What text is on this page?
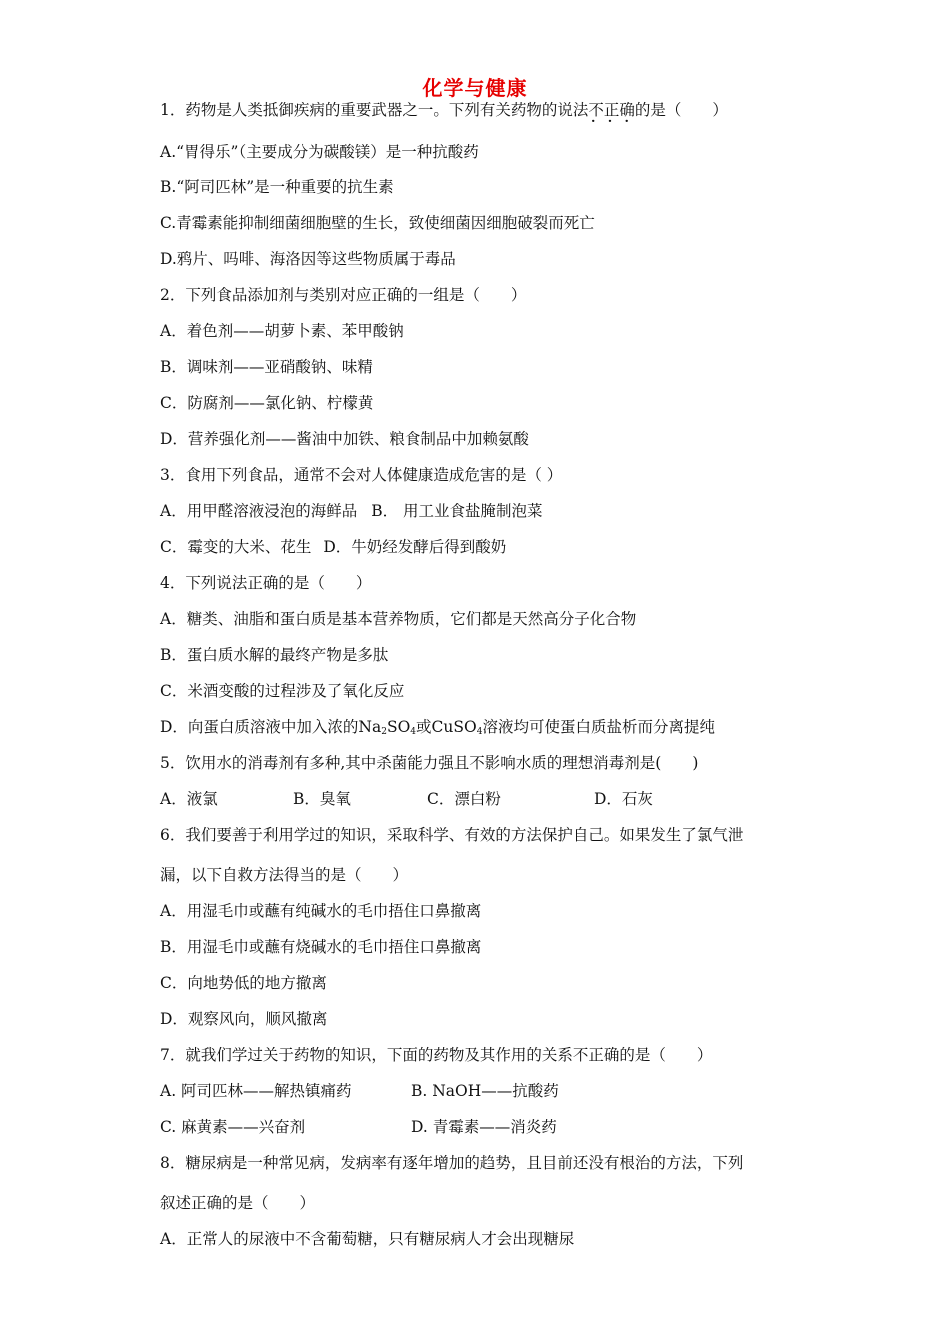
化学与健康
1．药物是人类抵御疾病的重要武器之一。下列有关药物的说法不正确 · · ·的是（　　）
A.“胃得乐”（主要成分为碳酸镁）是一种抗酸药
B.“阿司匹林”是一种重要的抗生素
C.青霉素能抑制细菌细胞壁的生长，致使细菌因细胞破裂而死亡
D.鸦片、吗啡、海洛因等这些物质属于毒品
2．下列食品添加剂与类别对应正确的一组是（　　）
A．着色剂——胡萝卜素、苯甲酸钠
B．调味剂——亚硝酸钠、味精
C．防腐剂——氯化钠、柠檬黄
D．营养强化剂——酱油中加铁、粮食制品中加赖氨酸
3．食用下列食品，通常不会对人体健康造成危害的是（ ）
A．用甲醛溶液浸泡的海鲜品 B． 用工业食盐腌制泡菜
C．霉变的大米、花生 D．牛奶经发酵后得到酸奶
4．下列说法正确的是（　　）
A．糖类、油脂和蛋白质是基本营养物质，它们都是天然高分子化合物
B．蛋白质水解的最终产物是多肽
C．米酒变酸的过程涉及了氧化反应
D．向蛋白质溶液中加入浓的$Na_2SO_4$或CuSO$_4$溶液均可使蛋白质盐析而分离提纯
5．饮用水的消毒剂有多种,其中杀菌能力强且不影响水质的理想消毒剂是(　　)
A．液氯	B．臭氧	C．漂白粉	D．石灰
6．我们要善于利用学过的知识，采取科学、有效的方法保护自己。如果发生了氯气泄
漏，以下自救方法得当的是（　　）
A．用湿毛巾或蘸有纯碱水的毛巾捂住口鼻撤离
B．用湿毛巾或蘸有烧碱水的毛巾捂住口鼻撤离
C．向地势低的地方撤离
D．观察风向，顺风撤离
7．就我们学过关于药物的知识，下面的药物及其作用的关系不正确的是（　　）
A. 阿司匹林——解热镇痛药	B. NaOH——抗酸药
C. 麻黄素——兴奋剂	D. 青霉素——消炎药
8．糖尿病是一种常见病，发病率有逐年增加的趋势，且目前还没有根治的方法，下列
叙述正确的是（　　）
A．正常人的尿液中不含葡萄糖，只有糖尿病人才会出现糖尿
